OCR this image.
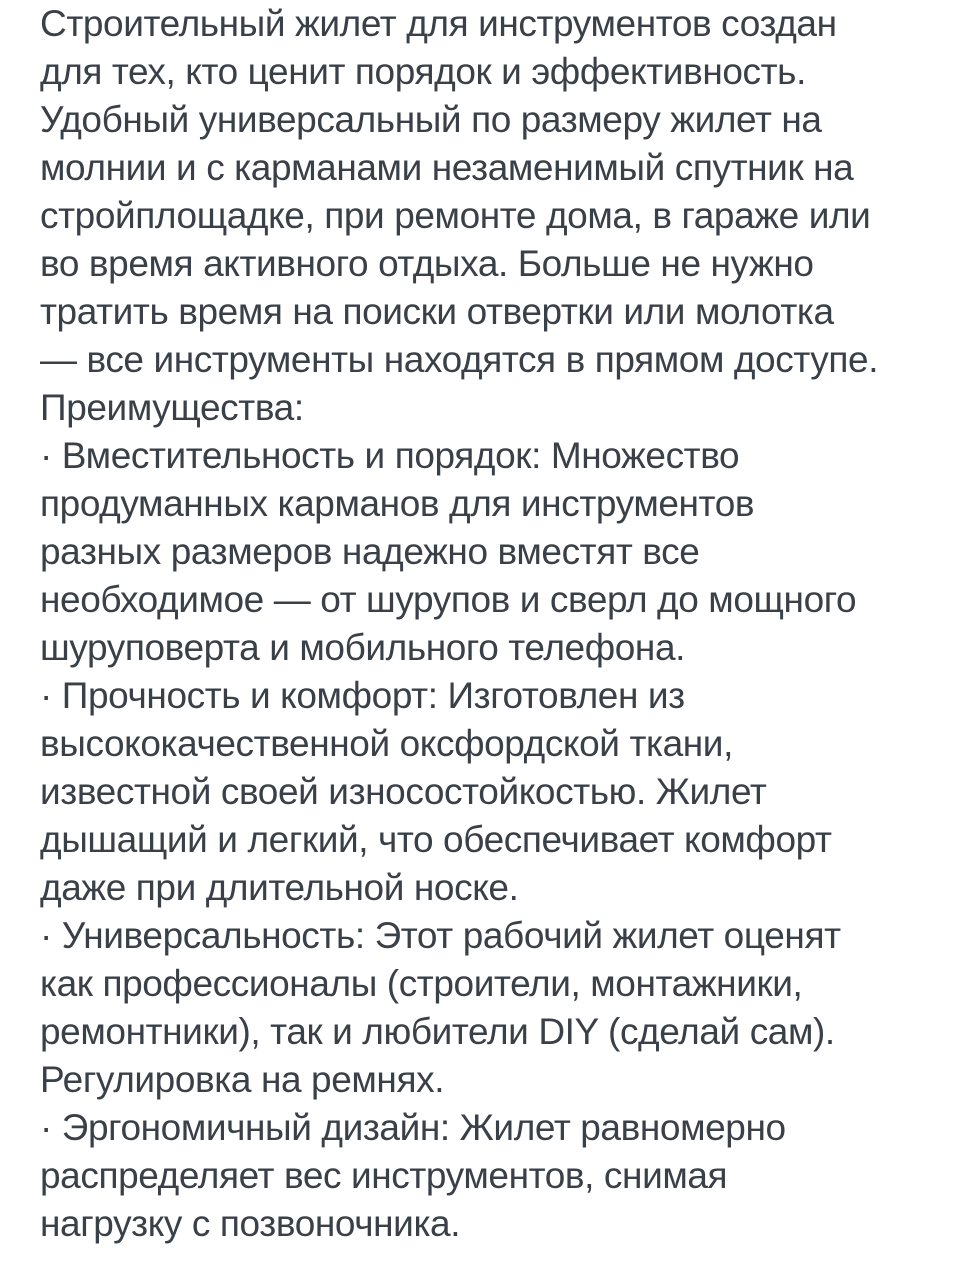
Строительный жилет для инструментов создан
для тех, кто ценит порядок и эффективность.
Удобный универсальный по размеру жилет на
молнии и с карманами незаменимый спутник на
стройплощадке, при ремонте дома, в гараже или
во время активного отдыха. Больше не нужно
тратить время на поиски отвертки или молотка
— все инструменты находятся в прямом доступе.
Преимущества:
· Вместительность и порядок: Множество
продуманных карманов для инструментов
разных размеров надежно вместят все
необходимое — от шурупов и сверл до мощного
шуруповерта и мобильного телефона.
· Прочность и комфорт: Изготовлен из
высококачественной оксфордской ткани,
известной своей износостойкостью. Жилет
дышащий и легкий, что обеспечивает комфорт
даже при длительной носке.
· Универсальность: Этот рабочий жилет оценят
как профессионалы (строители, монтажники,
ремонтники), так и любители DIY (сделай сам).
Регулировка на ремнях.
· Эргономичный дизайн: Жилет равномерно
распределяет вес инструментов, снимая
нагрузку с позвоночника.
